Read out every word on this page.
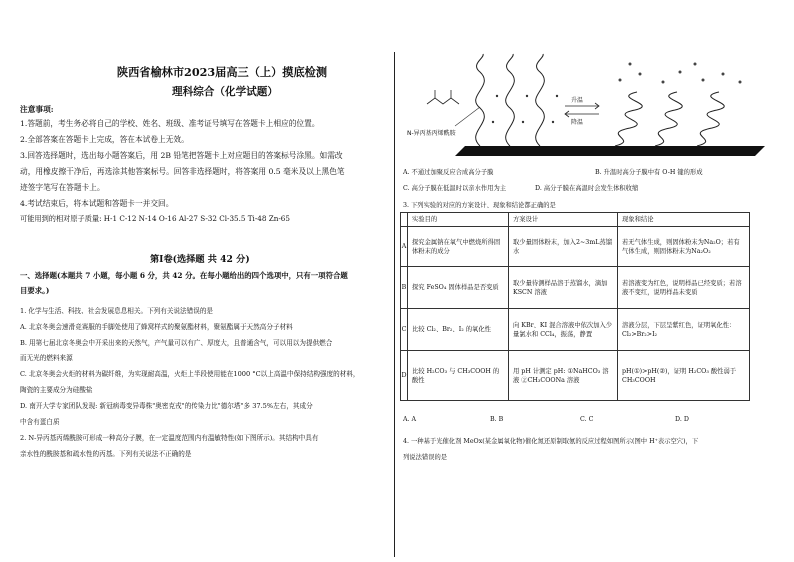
陕西省榆林市2023届高三（上）摸底检测
理科综合（化学试题）
注意事项:
1.答题前，考生务必将自己的学校、姓名、班级、准考证号填写在答题卡上相应的位置。
2.全部答案在答题卡上完成，答在本试卷上无效。
3.回答选择题时，选出每小题答案后，用 2B 铅笔把答题卡上对应题目的答案标号涂黑。如需改
动，用橡皮擦干净后，再选涂其他答案标号。回答非选择题时，将答案用 0.5 毫米及以上黑色笔
迹签字笔写在答题卡上。
4.考试结束后，将本试题和答题卡一并交回。
可能用到的相对原子质量: H-1 C-12 N-14 O-16 Al-27 S-32 Cl-35.5 Ti-48 Zn-65
第Ⅰ卷(选择题 共 42 分)
一、选择题(本题共 7 小题，每小题 6 分，共 42 分。在每小题给出的四个选项中，只有一项符合题
目要求。)
1. 化学与生活、科技、社会发展息息相关。下列有关说法错误的是
A. 北京冬奥会速滑竞赛服的手脚处使用了蜂窝样式的聚氨酯材料，聚氨酯属于天然高分子材料
B. 用第七届北京冬奥会中开采出来的天然气，产气量可以有广、厚度大，且普通含气，可以用以为提供燃合
而无光的燃料来源
C. 北京冬奥会火炬的材料为碳纤维，为实现耐高温，火炬上半段使用能在1000 °C以上高温中保持结构强度的材料，
陶瓷的主要成分为硅酸盐
D. 南开大学专家团队发现: 新冠病毒变异毒株"奥密克戎"的传染力比"德尔塔"多 37.5%左右，其成分
中含有蛋白质
2. N-异丙基丙烯酰胺可形成一种高分子膜，在一定温度范围内有温敏特性(如下图所示)。其结构中具有
亲水性的酰胺基和疏水性的丙基。下列有关说法不正确的是
N-异丙基丙烯酰胺
升温
降温
A. 不通过加聚反应合成高分子膜	B. 升温时高分子膜中有 O-H 键的形成
C. 高分子膜在低温时以亲水作用为主	D. 高分子膜在高温时会发生体积收缩
3. 下列实验的对应的方案设计、现象和结论都正确的是
	实验目的	方案设计	现象和结论
A	探究金属钠在氧气中燃烧所得固体粉末的成分	取少量固体粉末，加入2~3mL蒸馏水	若无气体生成，则固体粉末为Na₂O；若有气体生成，则固体粉末为Na₂O₂
B	探究 FeSO₄ 固体样品是否变质	取少量待测样品溶于蒸馏水，滴加 KSCN 溶液	若溶液变为红色，说明样品已经变质；若溶液不变红，说明样品未变质
C	比较 Cl₂、Br₂、I₂ 的氧化性	向 KBr、KI 混合溶液中依次加入少量氯水和 CCl₄，振荡，静置	溶液分层，下层呈紫红色，证明氧化性：Cl₂>Br₂>I₂
D	比较 H₂CO₃ 与 CH₃COOH 的酸性	用 pH 计测定 pH: ①NaHCO₃ 溶液 ②CH₃COONa 溶液	pH(①)>pH(②)，证明 H₂CO₃ 酸性弱于 CH₃COOH
A. A	B. B	C. C	D. D
4. 一种基于光催化剂 MeOx(某金属氧化物)催化氮还原制取氨的反应过程如图所示(图中 H⁺表示空穴)，下
列说法错误的是
